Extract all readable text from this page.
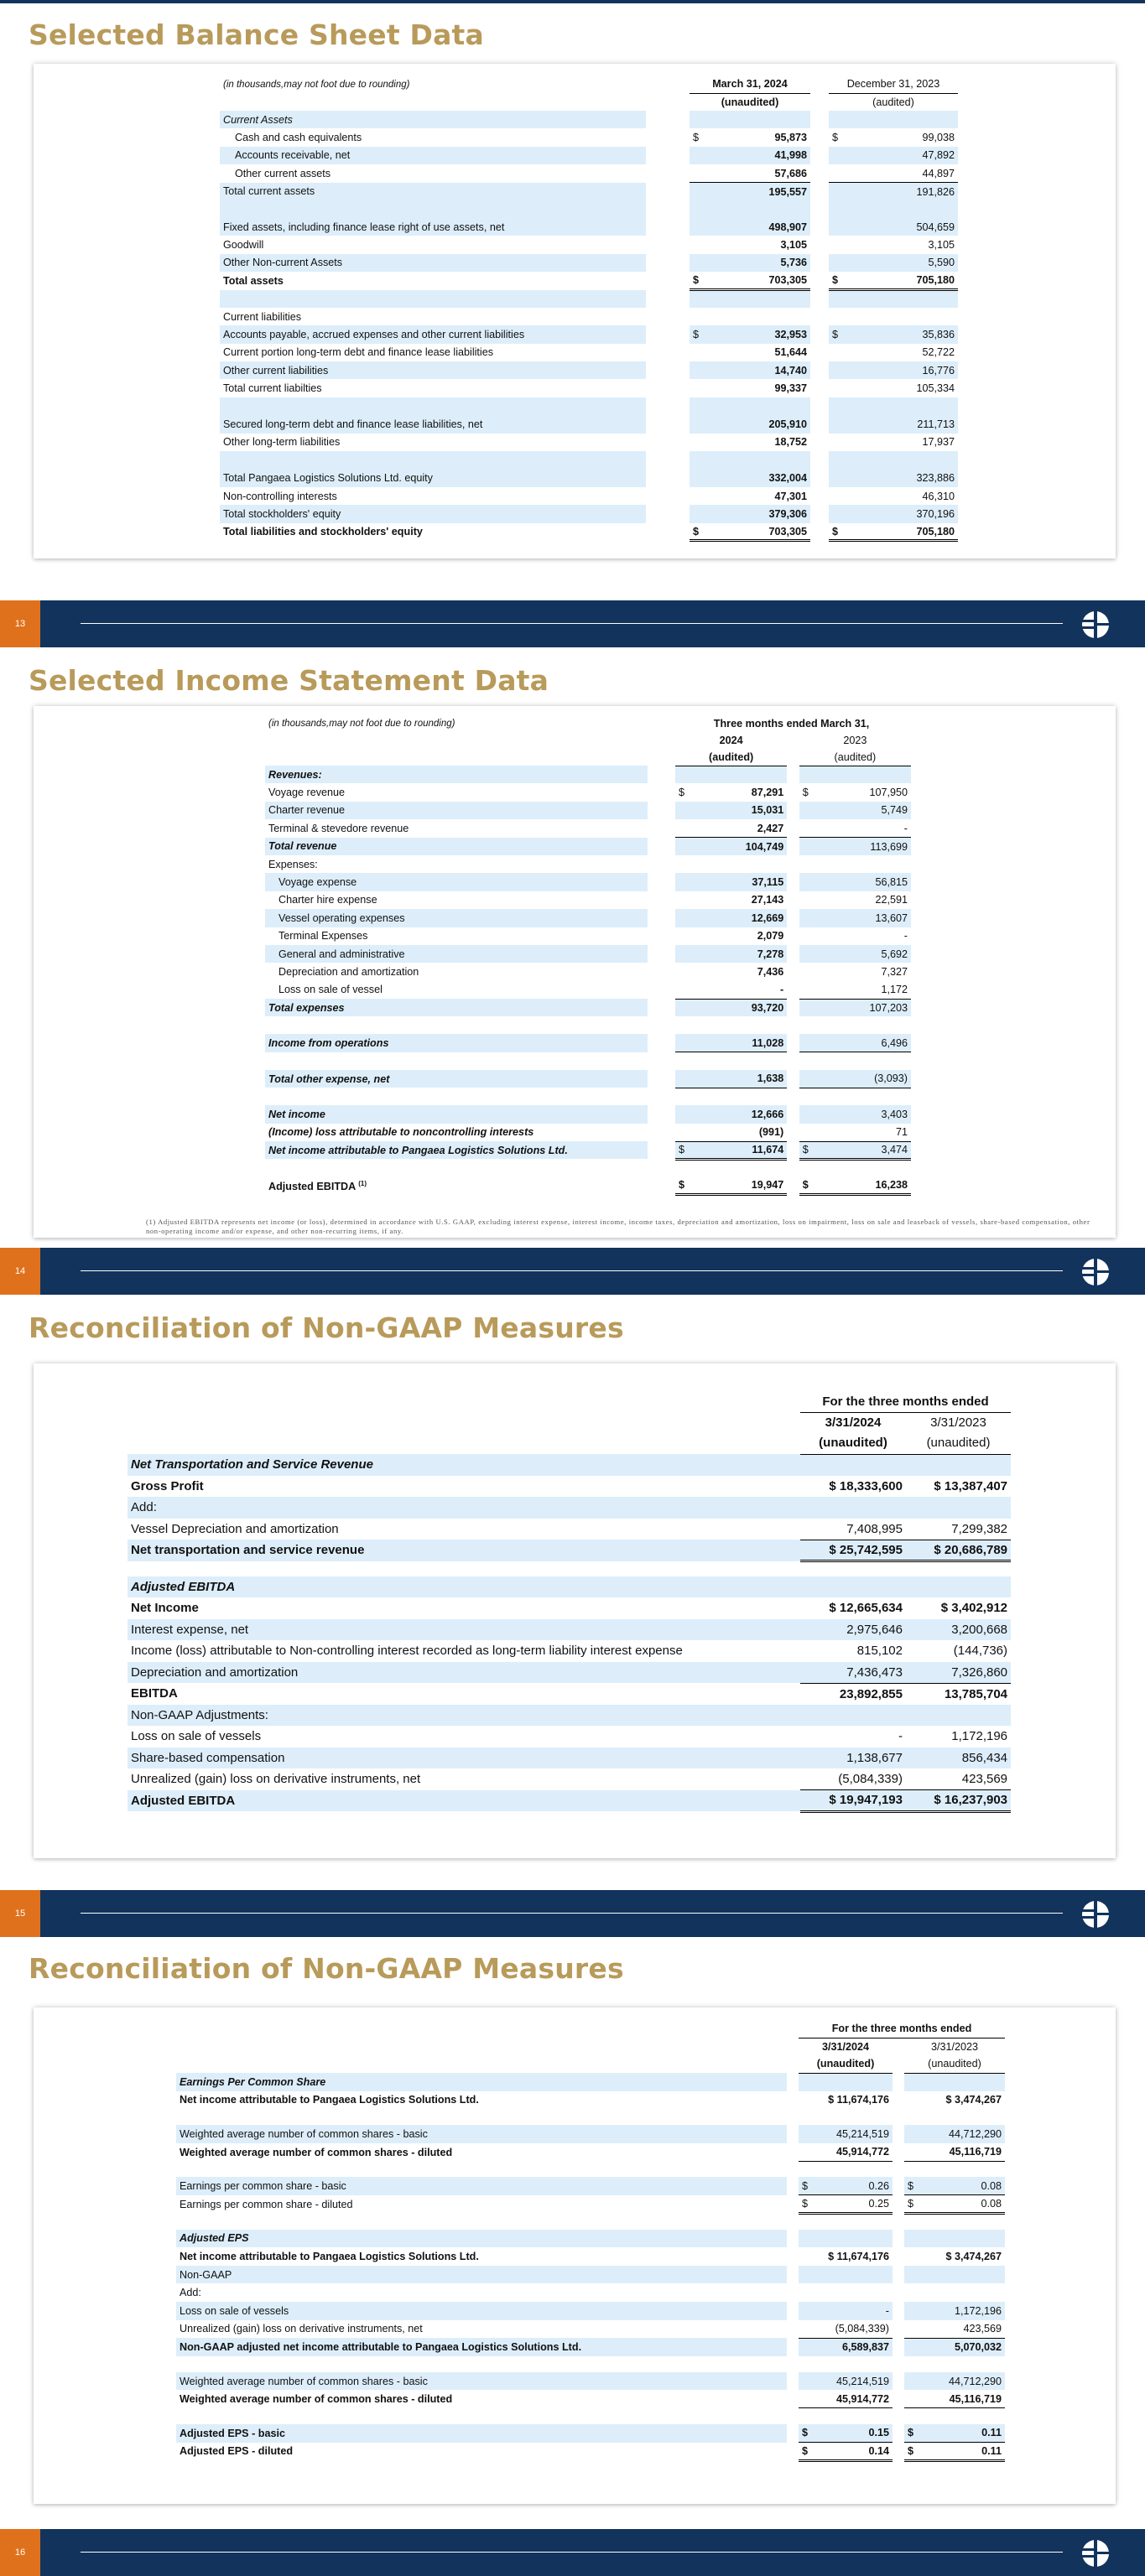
Selected Balance Sheet Data
(in thousands,may not foot due to rounding)		March 31, 2024			December 31, 2023	
		(unaudited)			(audited)	
Current Assets						
Cash and cash equivalents		$	95,873		$	99,038
Accounts receivable, net			41,998			47,892
Other current assets			57,686			44,897
Total current assets			195,557			191,826

Fixed assets, including finance lease right of use assets, net			498,907			504,659
Goodwill			3,105			3,105
Other Non-current Assets			5,736			5,590
Total assets		$	703,305		$	705,180

Current liabilities						
Accounts payable, accrued expenses and other current liabilities		$	32,953		$	35,836
Current portion long-term debt and finance lease liabilities			51,644			52,722
Other current liabilities			14,740			16,776
Total current liabilties			99,337			105,334

Secured long-term debt and finance lease liabilities, net			205,910			211,713
Other long-term liabilities			18,752			17,937

Total Pangaea Logistics Solutions Ltd. equity			332,004			323,886
Non-controlling interests			47,301			46,310
Total stockholders' equity			379,306			370,196
Total liabilities and stockholders' equity		$	703,305		$	705,180
13
Selected Income Statement Data
(in thousands,may not foot due to rounding)		Three months ended March 31,				
		2024			2023	
		(audited)			(audited)	
Revenues:						
Voyage revenue		$	87,291		$	107,950
Charter revenue			15,031			5,749
Terminal & stevedore revenue			2,427			-
Total revenue			104,749			113,699
Expenses:						
Voyage expense			37,115			56,815
Charter hire expense			27,143			22,591
Vessel operating expenses			12,669			13,607
Terminal Expenses			2,079			-
General and administrative			7,278			5,692
Depreciation and amortization			7,436			7,327
Loss on sale of vessel			-			1,172
Total expenses			93,720			107,203

Income from operations			11,028			6,496

Total other expense, net			1,638			(3,093)

Net income			12,666			3,403
(Income) loss attributable to noncontrolling interests			(991)			71
Net income attributable to Pangaea Logistics Solutions Ltd.		$	11,674		$	3,474

Adjusted EBITDA $^{(1)}$		$	19,947		$	16,238
(1) Adjusted EBITDA represents net income (or loss), determined in accordance with U.S. GAAP, excluding interest expense, interest income, income taxes, depreciation and amortization, loss on impairment, loss on sale and leaseback of vessels, share-based compensation, other non-operating income and/or expense, and other non-recurring items, if any.
14
Reconciliation of Non-GAAP Measures
	For the three months ended	
	3/31/2024	3/31/2023
	(unaudited)	(unaudited)
Net Transportation and Service Revenue		
Gross Profit	$ 18,333,600	$ 13,387,407
Add:		
Vessel Depreciation and amortization	7,408,995	7,299,382
Net transportation and service revenue	$ 25,742,595	$ 20,686,789

Adjusted EBITDA		
Net Income	$ 12,665,634	$ 3,402,912
Interest expense, net	2,975,646	3,200,668
Income (loss) attributable to Non-controlling interest recorded as long-term liability interest expense	815,102	(144,736)
Depreciation and amortization	7,436,473	7,326,860
EBITDA	23,892,855	13,785,704
Non-GAAP Adjustments:		
Loss on sale of vessels	-	1,172,196
Share-based compensation	1,138,677	856,434
Unrealized (gain) loss on derivative instruments, net	(5,084,339)	423,569
Adjusted EBITDA	$ 19,947,193	$ 16,237,903
15
Reconciliation of Non-GAAP Measures
		For the three months ended				
		3/31/2024			3/31/2023	
		(unaudited)			(unaudited)	
Earnings Per Common Share						
Net income attributable to Pangaea Logistics Solutions Ltd.			$ 11,674,176			$ 3,474,267

Weighted average number of common shares - basic			45,214,519			44,712,290
Weighted average number of common shares - diluted			45,914,772			45,116,719

Earnings per common share - basic		$	0.26		$	0.08
Earnings per common share - diluted		$	0.25		$	0.08

Adjusted EPS						
Net income attributable to Pangaea Logistics Solutions Ltd.			$ 11,674,176			$ 3,474,267
Non-GAAP						
Add:						
Loss on sale of vessels			-			1,172,196
Unrealized (gain) loss on derivative instruments, net			(5,084,339)			423,569
Non-GAAP adjusted net income attributable to Pangaea Logistics Solutions Ltd.			6,589,837			5,070,032

Weighted average number of common shares - basic			45,214,519			44,712,290
Weighted average number of common shares - diluted			45,914,772			45,116,719

Adjusted EPS - basic		$	0.15		$	0.11
Adjusted EPS - diluted		$	0.14		$	0.11
16
